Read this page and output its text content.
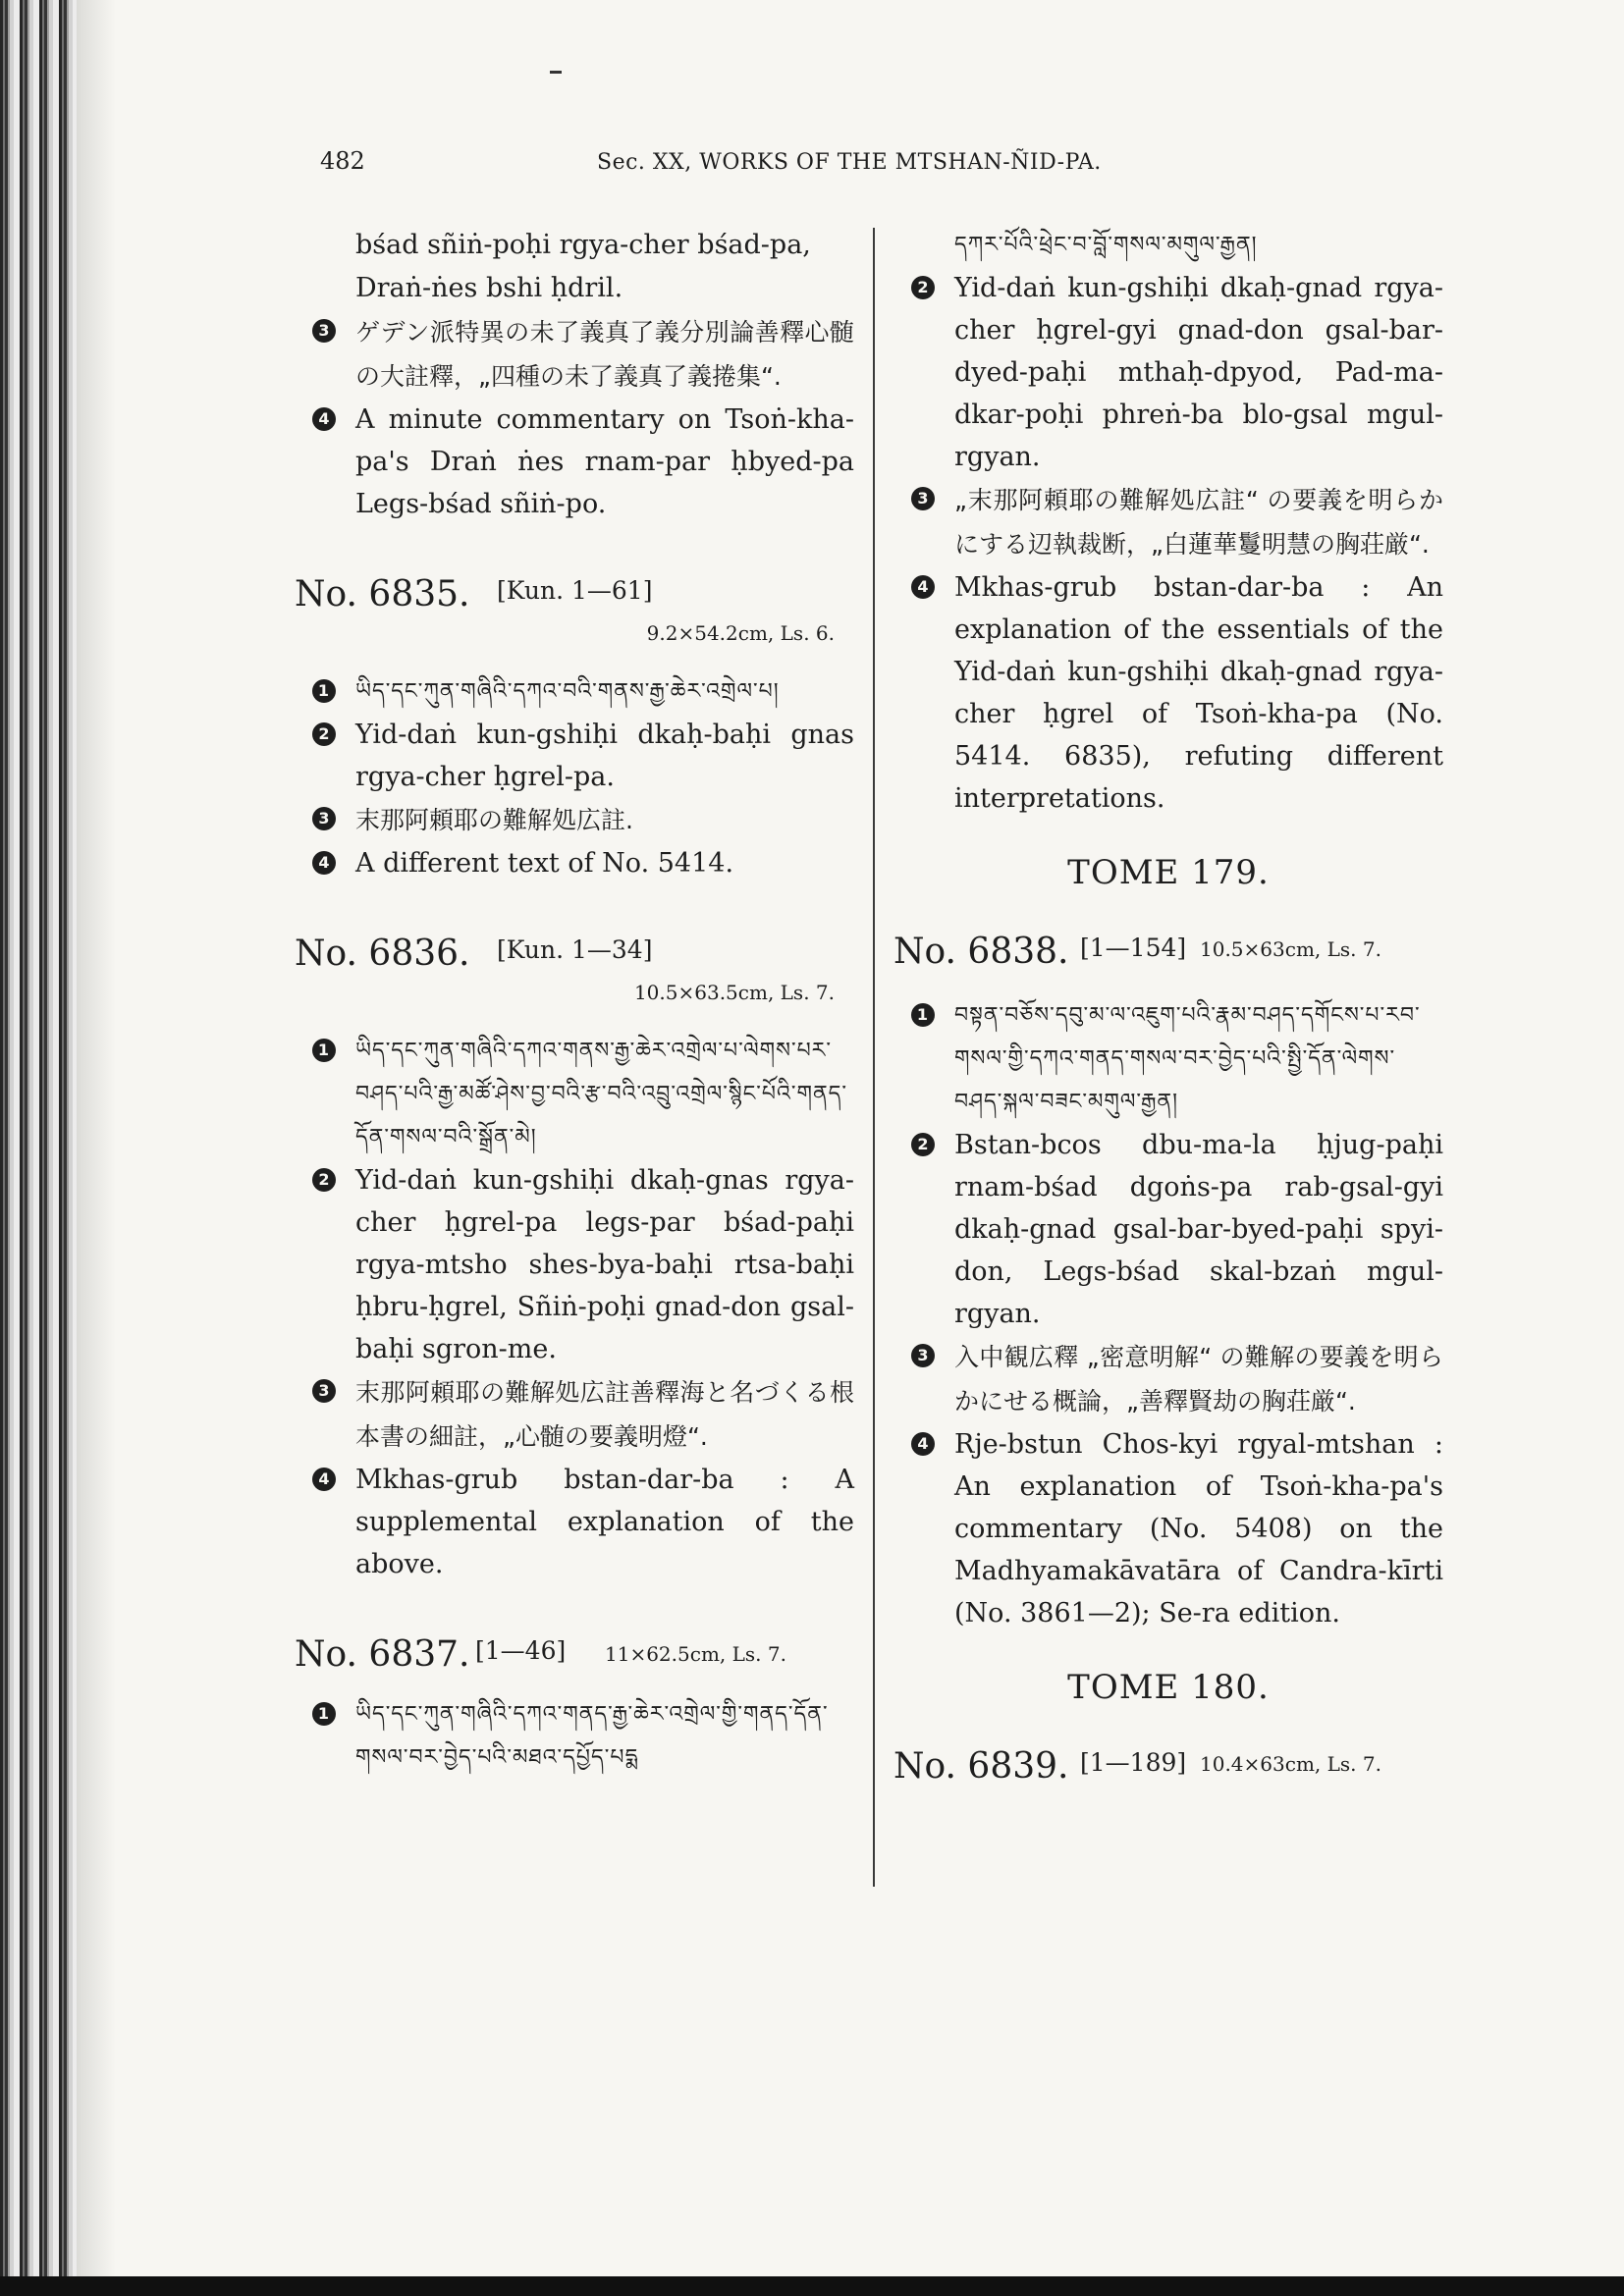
482	Sec. XX, WORKS OF THE MTSHAN-ÑID-PA.

bśad sñiṅ-poḥi rgya-cher bśad-pa,

Draṅ-ṅes bshi ḥdril.

3 ゲデン派特異の未了義真了義分別論善釋心髄の大註釋，„四種の未了義真了義捲集“.

4 A minute commentary on Tsoṅ-kha-pa's Draṅ ṅes rnam-par ḥbyed-pa Legs-bśad sñiṅ-po.

No. 6835. [Kun. 1—61]
9.2×54.2cm, Ls. 6.

1 ཡིད་དང་ཀུན་གཞིའི་དཀའ་བའི་གནས་རྒྱ་ཆེར་འགྲེལ་པ།

2 Yid-daṅ kun-gshiḥi dkaḥ-baḥi gnas rgya-cher ḥgrel-pa.

3 末那阿頼耶の難解処広註.

4 A different text of No. 5414.

No. 6836. [Kun. 1—34]
10.5×63.5cm, Ls. 7.

1 ཡིད་དང་ཀུན་གཞིའི་དཀའ་གནས་རྒྱ་ཆེར་འགྲེལ་པ་ལེགས་པར་བཤད་པའི་རྒྱ་མཚོ་ཤེས་བྱ་བའི་རྩ་བའི་འབྲུ་འགྲེལ་སྙིང་པོའི་གནད་དོན་གསལ་བའི་སྒྲོན་མེ།

2 Yid-daṅ kun-gshiḥi dkaḥ-gnas rgya-cher ḥgrel-pa legs-par bśad-paḥi rgya-mtsho shes-bya-baḥi rtsa-baḥi ḥbru-ḥgrel, Sñiṅ-poḥi gnad-don gsal-baḥi sgron-me.

3 末那阿頼耶の難解処広註善釋海と名づくる根本書の細註，„心髄の要義明燈“.

4 Mkhas-grub bstan-dar-ba : A supplemental explanation of the above.

No. 6837. [1—46] 11×62.5cm, Ls. 7.

1 ཡིད་དང་ཀུན་གཞིའི་དཀའ་གནད་རྒྱ་ཆེར་འགྲེལ་གྱི་གནད་དོན་གསལ་བར་བྱེད་པའི་མཐའ་དཔྱོད་པདྨ

དཀར་པོའི་ཕྲེང་བ་བློ་གསལ་མགུལ་རྒྱན།

2 Yid-daṅ kun-gshiḥi dkaḥ-gnad rgya-cher ḥgrel-gyi gnad-don gsal-bar-dyed-paḥi mthaḥ-dpyod, Pad-ma-dkar-poḥi phreṅ-ba blo-gsal mgul-rgyan.

3 „末那阿頼耶の難解処広註“ の要義を明らかにする辺執裁断，„白蓮華鬘明慧の胸荘厳“.

4 Mkhas-grub bstan-dar-ba : An explanation of the essentials of the Yid-daṅ kun-gshiḥi dkaḥ-gnad rgya-cher ḥgrel of Tsoṅ-kha-pa (No. 5414. 6835), refuting different interpretations.

TOME 179.
No. 6838. [1—154] 10.5×63cm, Ls. 7.

1 བསྟན་བཅོས་དབུ་མ་ལ་འཇུག་པའི་རྣམ་བཤད་དགོངས་པ་རབ་གསལ་གྱི་དཀའ་གནད་གསལ་བར་བྱེད་པའི་སྤྱི་དོན་ལེགས་བཤད་སྐལ་བཟང་མགུལ་རྒྱན།

2 Bstan-bcos dbu-ma-la ḥjug-paḥi rnam-bśad dgoṅs-pa rab-gsal-gyi dkaḥ-gnad gsal-bar-byed-paḥi spyi-don, Legs-bśad skal-bzaṅ mgul-rgyan.

3 入中観広釋 „密意明解“ の難解の要義を明らかにせる概論，„善釋賢劫の胸荘厳“.

4 Rje-bstun Chos-kyi rgyal-mtshan : An explanation of Tsoṅ-kha-pa's commentary (No. 5408) on the Madhyamakāvatāra of Candra-kīrti (No. 3861—2); Se-ra edition.

TOME 180.
No. 6839. [1—189] 10.4×63cm, Ls. 7.
